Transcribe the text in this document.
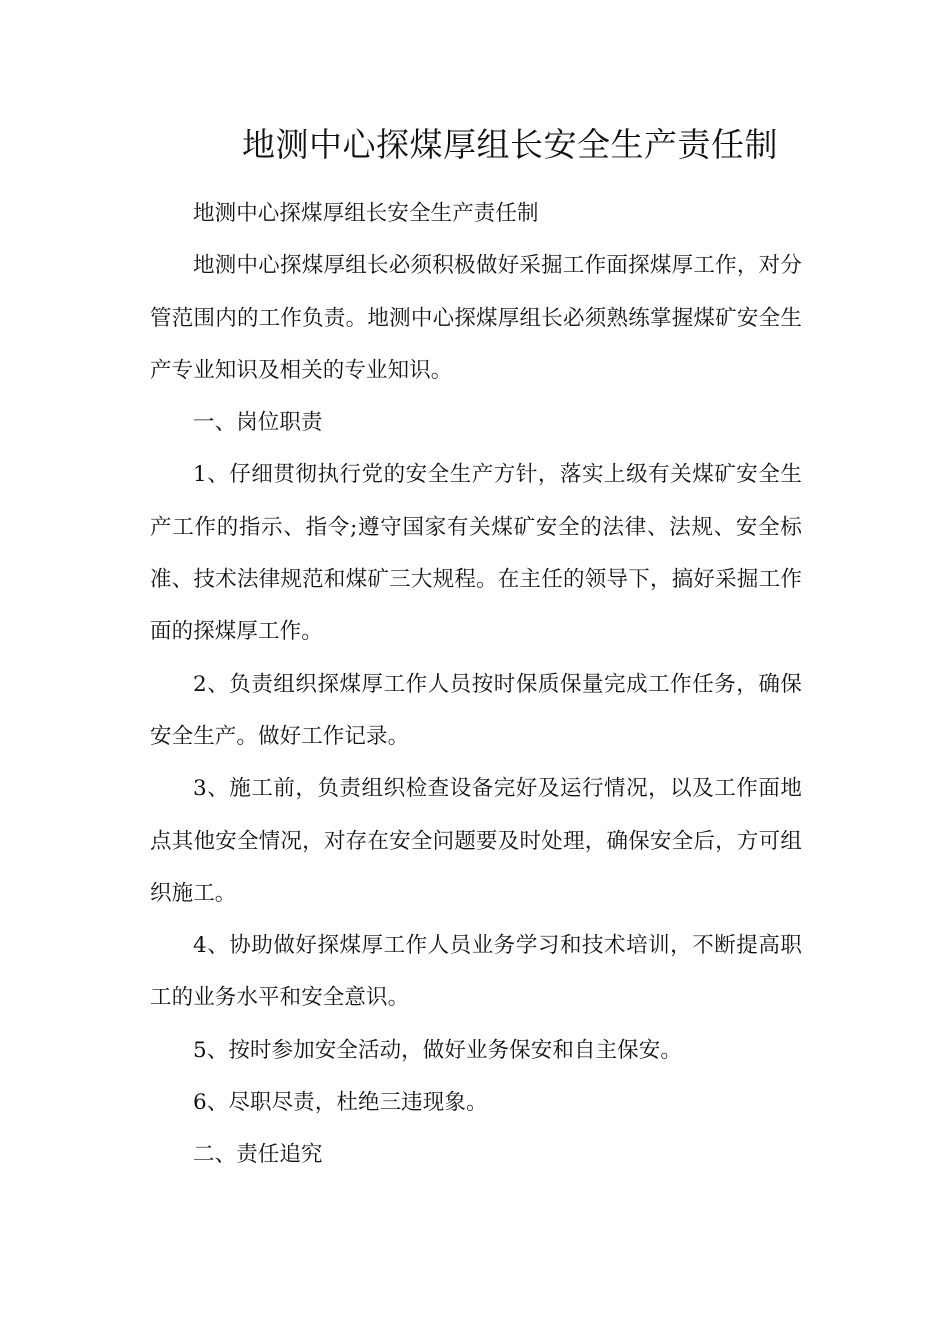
地测中心探煤厚组长安全生产责任制

地测中心探煤厚组长安全生产责任制

地测中心探煤厚组长必须积极做好采掘工作面探煤厚工作，对分管范围内的工作负责。地测中心探煤厚组长必须熟练掌握煤矿安全生产专业知识及相关的专业知识。

一、岗位职责

1、仔细贯彻执行党的安全生产方针，落实上级有关煤矿安全生产工作的指示、指令;遵守国家有关煤矿安全的法律、法规、安全标准、技术法律规范和煤矿三大规程。在主任的领导下，搞好采掘工作面的探煤厚工作。

2、负责组织探煤厚工作人员按时保质保量完成工作任务，确保安全生产。做好工作记录。

3、施工前，负责组织检查设备完好及运行情况，以及工作面地点其他安全情况，对存在安全问题要及时处理，确保安全后，方可组织施工。

4、协助做好探煤厚工作人员业务学习和技术培训，不断提高职工的业务水平和安全意识。

5、按时参加安全活动，做好业务保安和自主保安。

6、尽职尽责，杜绝三违现象。

二、责任追究
